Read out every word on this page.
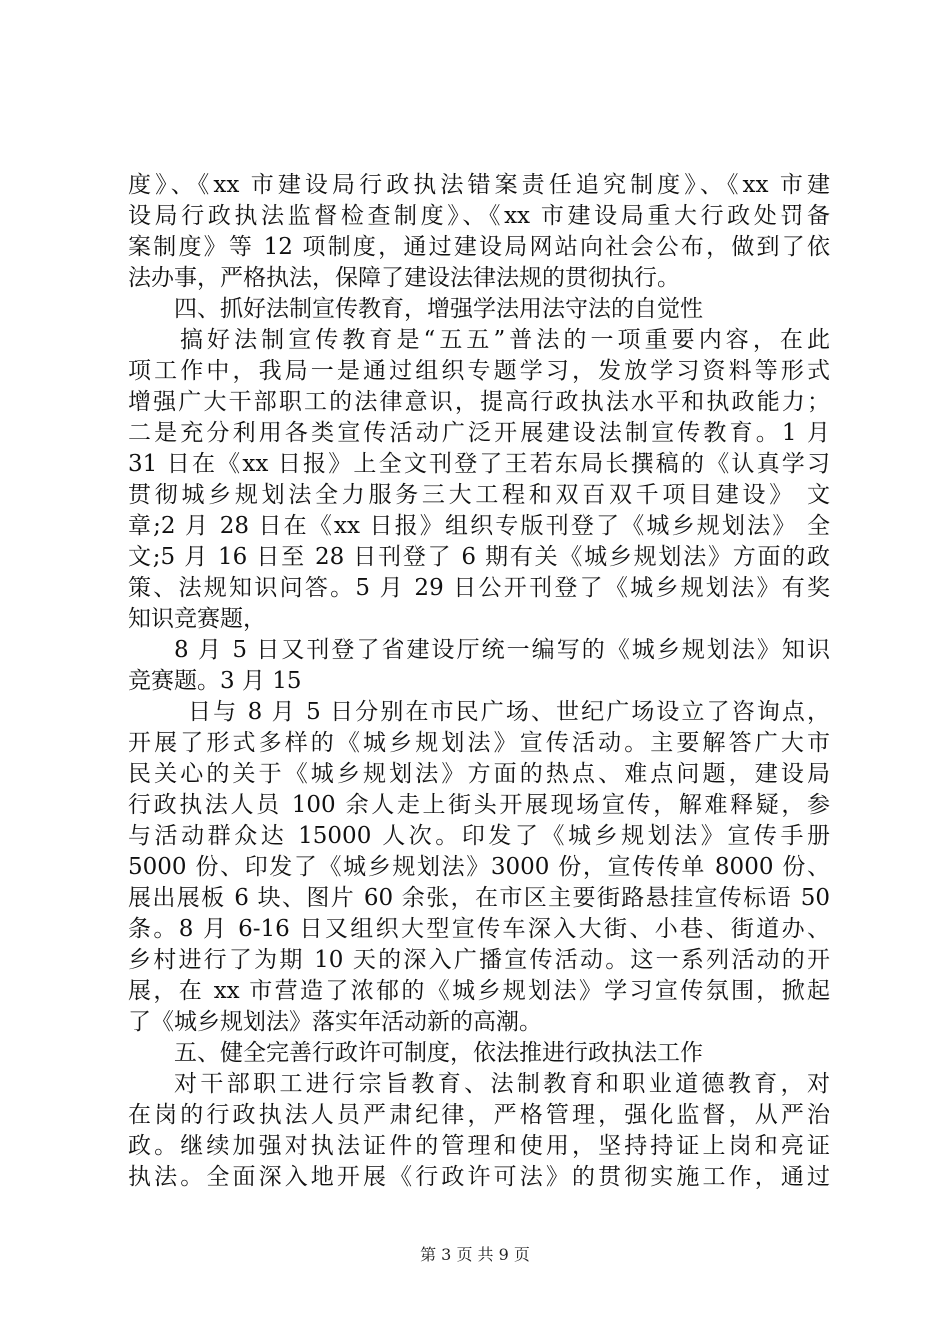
度》、《xx 市建设局行政执法错案责任追究制度》、《xx 市建
设局行政执法监督检查制度》、《xx 市建设局重大行政处罚备
案制度》等 12 项制度，通过建设局网站向社会公布，做到了依
法办事，严格执法，保障了建设法律法规的贯彻执行。
四、抓好法制宣传教育，增强学法用法守法的自觉性
搞好法制宣传教育是“五五”普法的一项重要内容，在此
项工作中，我局一是通过组织专题学习，发放学习资料等形式
增强广大干部职工的法律意识，提高行政执法水平和执政能力；
二是充分利用各类宣传活动广泛开展建设法制宣传教育。1 月
31 日在《xx 日报》上全文刊登了王若东局长撰稿的《认真学习
贯彻城乡规划法全力服务三大工程和双百双千项目建设》 文
章;2 月 28 日在《xx 日报》组织专版刊登了《城乡规划法》 全
文;5 月 16 日至 28 日刊登了 6 期有关《城乡规划法》方面的政
策、法规知识问答。5 月 29 日公开刊登了《城乡规划法》有奖
知识竞赛题，
8 月 5 日又刊登了省建设厅统一编写的《城乡规划法》知识
竞赛题。3 月 15
日与 8 月 5 日分别在市民广场、世纪广场设立了咨询点，
开展了形式多样的《城乡规划法》宣传活动。主要解答广大市
民关心的关于《城乡规划法》方面的热点、难点问题，建设局
行政执法人员 100 余人走上街头开展现场宣传，解难释疑，参
与活动群众达 15000 人次。印发了《城乡规划法》宣传手册
5000 份、印发了《城乡规划法》3000 份，宣传传单 8000 份、
展出展板 6 块、图片 60 余张，在市区主要街路悬挂宣传标语 50
条。8 月 6-16 日又组织大型宣传车深入大街、小巷、街道办、
乡村进行了为期 10 天的深入广播宣传活动。这一系列活动的开
展，在 xx 市营造了浓郁的《城乡规划法》学习宣传氛围，掀起
了《城乡规划法》落实年活动新的高潮。
五、健全完善行政许可制度，依法推进行政执法工作
对干部职工进行宗旨教育、法制教育和职业道德教育，对
在岗的行政执法人员严肃纪律，严格管理，强化监督，从严治
政。继续加强对执法证件的管理和使用，坚持持证上岗和亮证
执法。全面深入地开展《行政许可法》的贯彻实施工作，通过
第 3 页 共 9 页
